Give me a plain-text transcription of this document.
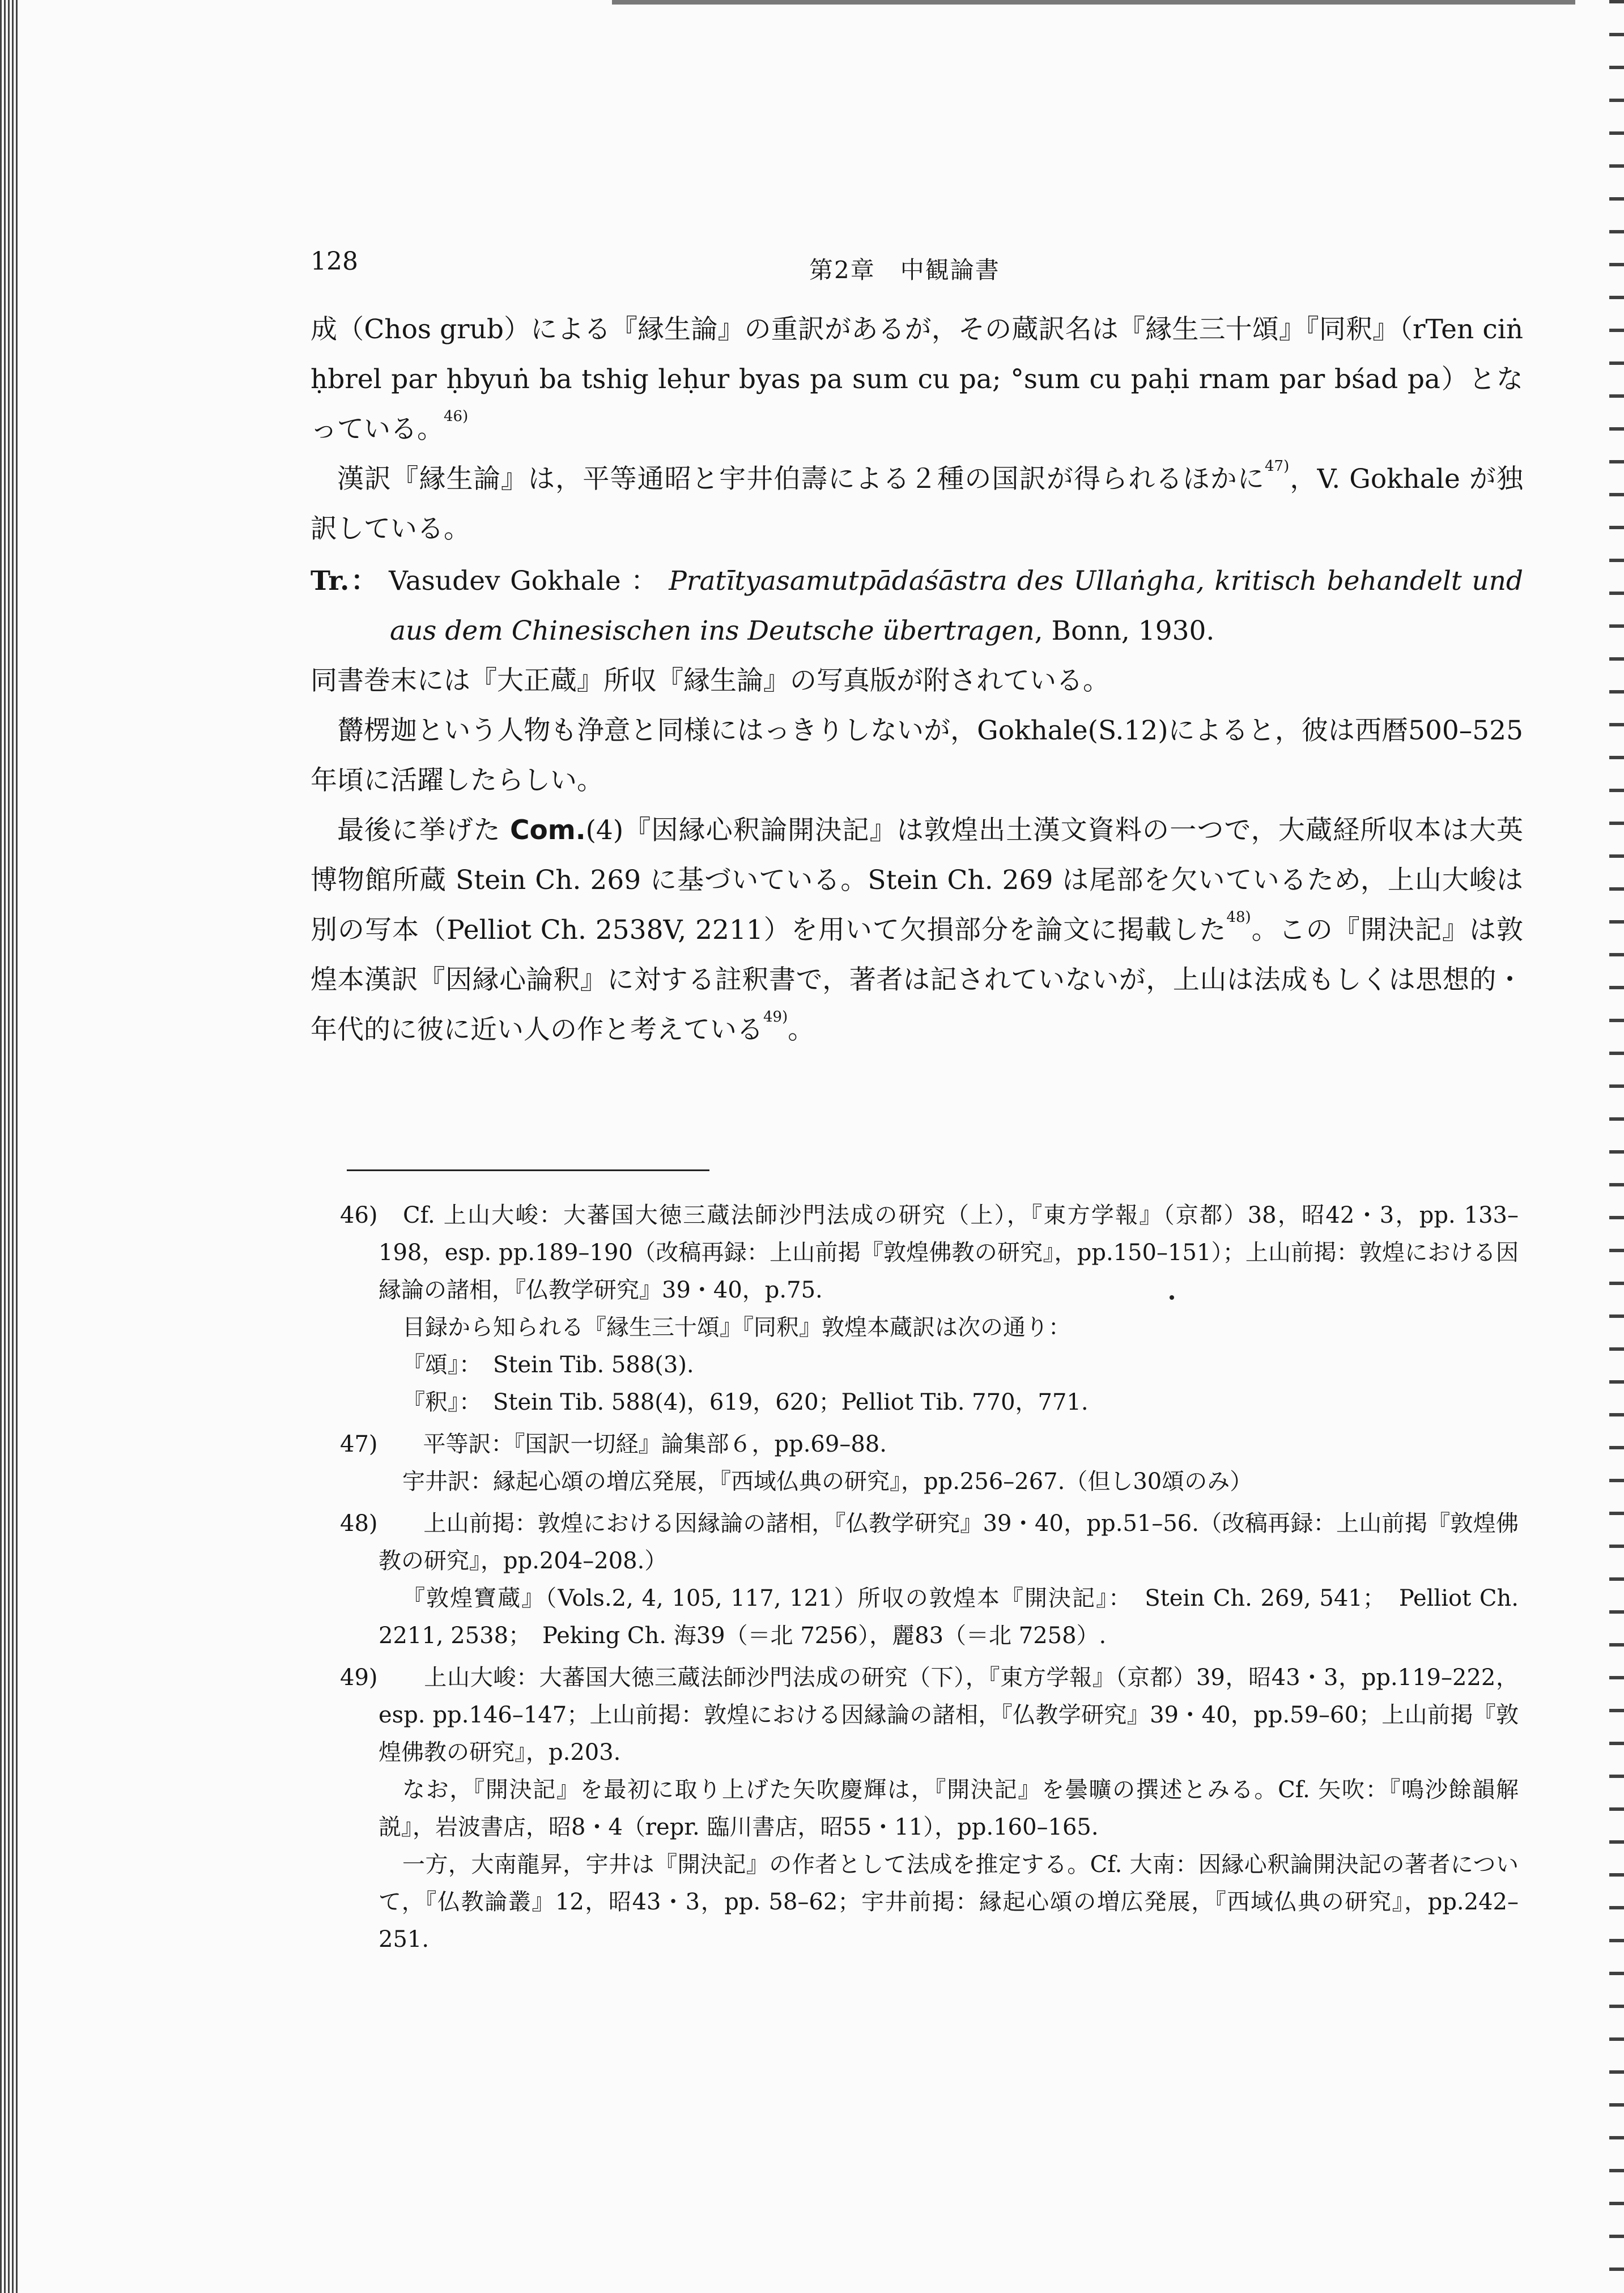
128	第2章　中観論書

成（Chos grub）による『縁生論』の重訳があるが，その蔵訳名は『縁生三十頌』『同釈』（rTen ciṅ ḥbrel par ḥbyuṅ ba tshig leḥur byas pa sum cu pa; °sum cu paḥi rnam par bśad pa）となっている。$^{46)}$

漢訳『縁生論』は，平等通昭と宇井伯壽による２種の国訳が得られるほかに$^{47)}$，V. Gokhale が独訳している。

Tr.： Vasudev Gokhale ： Pratītyasamutpādaśāstra des Ullaṅgha, kritisch behandelt und aus dem Chinesischen ins Deutsche übertragen, Bonn, 1930.

同書巻末には『大正蔵』所収『縁生論』の写真版が附されている。

欝楞迦という人物も浄意と同様にはっきりしないが，Gokhale(S.12)によると，彼は西暦500–525年頃に活躍したらしい。

最後に挙げた Com.(4)『因縁心釈論開決記』は敦煌出土漢文資料の一つで，大蔵経所収本は大英博物館所蔵 Stein Ch. 269 に基づいている。Stein Ch. 269 は尾部を欠いているため，上山大峻は別の写本（Pelliot Ch. 2538V, 2211）を用いて欠損部分を論文に掲載した$^{48)}$。この『開決記』は敦煌本漢訳『因縁心論釈』に対する註釈書で，著者は記されていないが，上山は法成もしくは思想的・年代的に彼に近い人の作と考えている$^{49)}$。

46)　Cf. 上山大峻：大蕃国大徳三蔵法師沙門法成の研究（上），『東方学報』（京都）38，昭42・3，pp. 133–198，esp. pp.189–190（改稿再録：上山前掲『敦煌佛教の研究』，pp.150–151）；上山前掲：敦煌における因縁論の諸相，『仏教学研究』39・40，p.75.

目録から知られる『縁生三十頌』『同釈』敦煌本蔵訳は次の通り：

『頌』：　Stein Tib. 588(3).

『釈』：　Stein Tib. 588(4)，619，620；Pelliot Tib. 770，771.

47)　　平等訳：『国訳一切経』論集部６，pp.69–88.

宇井訳：縁起心頌の増広発展，『西域仏典の研究』，pp.256–267.（但し30頌のみ）

48)　　上山前掲：敦煌における因縁論の諸相，『仏教学研究』39・40，pp.51–56.（改稿再録：上山前掲『敦煌佛教の研究』，pp.204–208.）

『敦煌寶蔵』（Vols.2, 4, 105, 117, 121）所収の敦煌本『開決記』：　Stein Ch. 269, 541；　Pelliot Ch. 2211, 2538；　Peking Ch. 海39（＝北 7256），麗83（＝北 7258）.

49)　　上山大峻：大蕃国大徳三蔵法師沙門法成の研究（下），『東方学報』（京都）39，昭43・3，pp.119–222，esp. pp.146–147；上山前掲：敦煌における因縁論の諸相，『仏教学研究』39・40，pp.59–60；上山前掲『敦煌佛教の研究』，p.203.

なお，『開決記』を最初に取り上げた矢吹慶輝は，『開決記』を曇曠の撰述とみる。Cf. 矢吹：『鳴沙餘韻解説』，岩波書店，昭8・4（repr. 臨川書店，昭55・11），pp.160–165.

一方，大南龍昇，宇井は『開決記』の作者として法成を推定する。Cf. 大南：因縁心釈論開決記の著者について，『仏教論叢』12，昭43・3，pp. 58–62；宇井前掲：縁起心頌の増広発展，『西域仏典の研究』，pp.242–251.
